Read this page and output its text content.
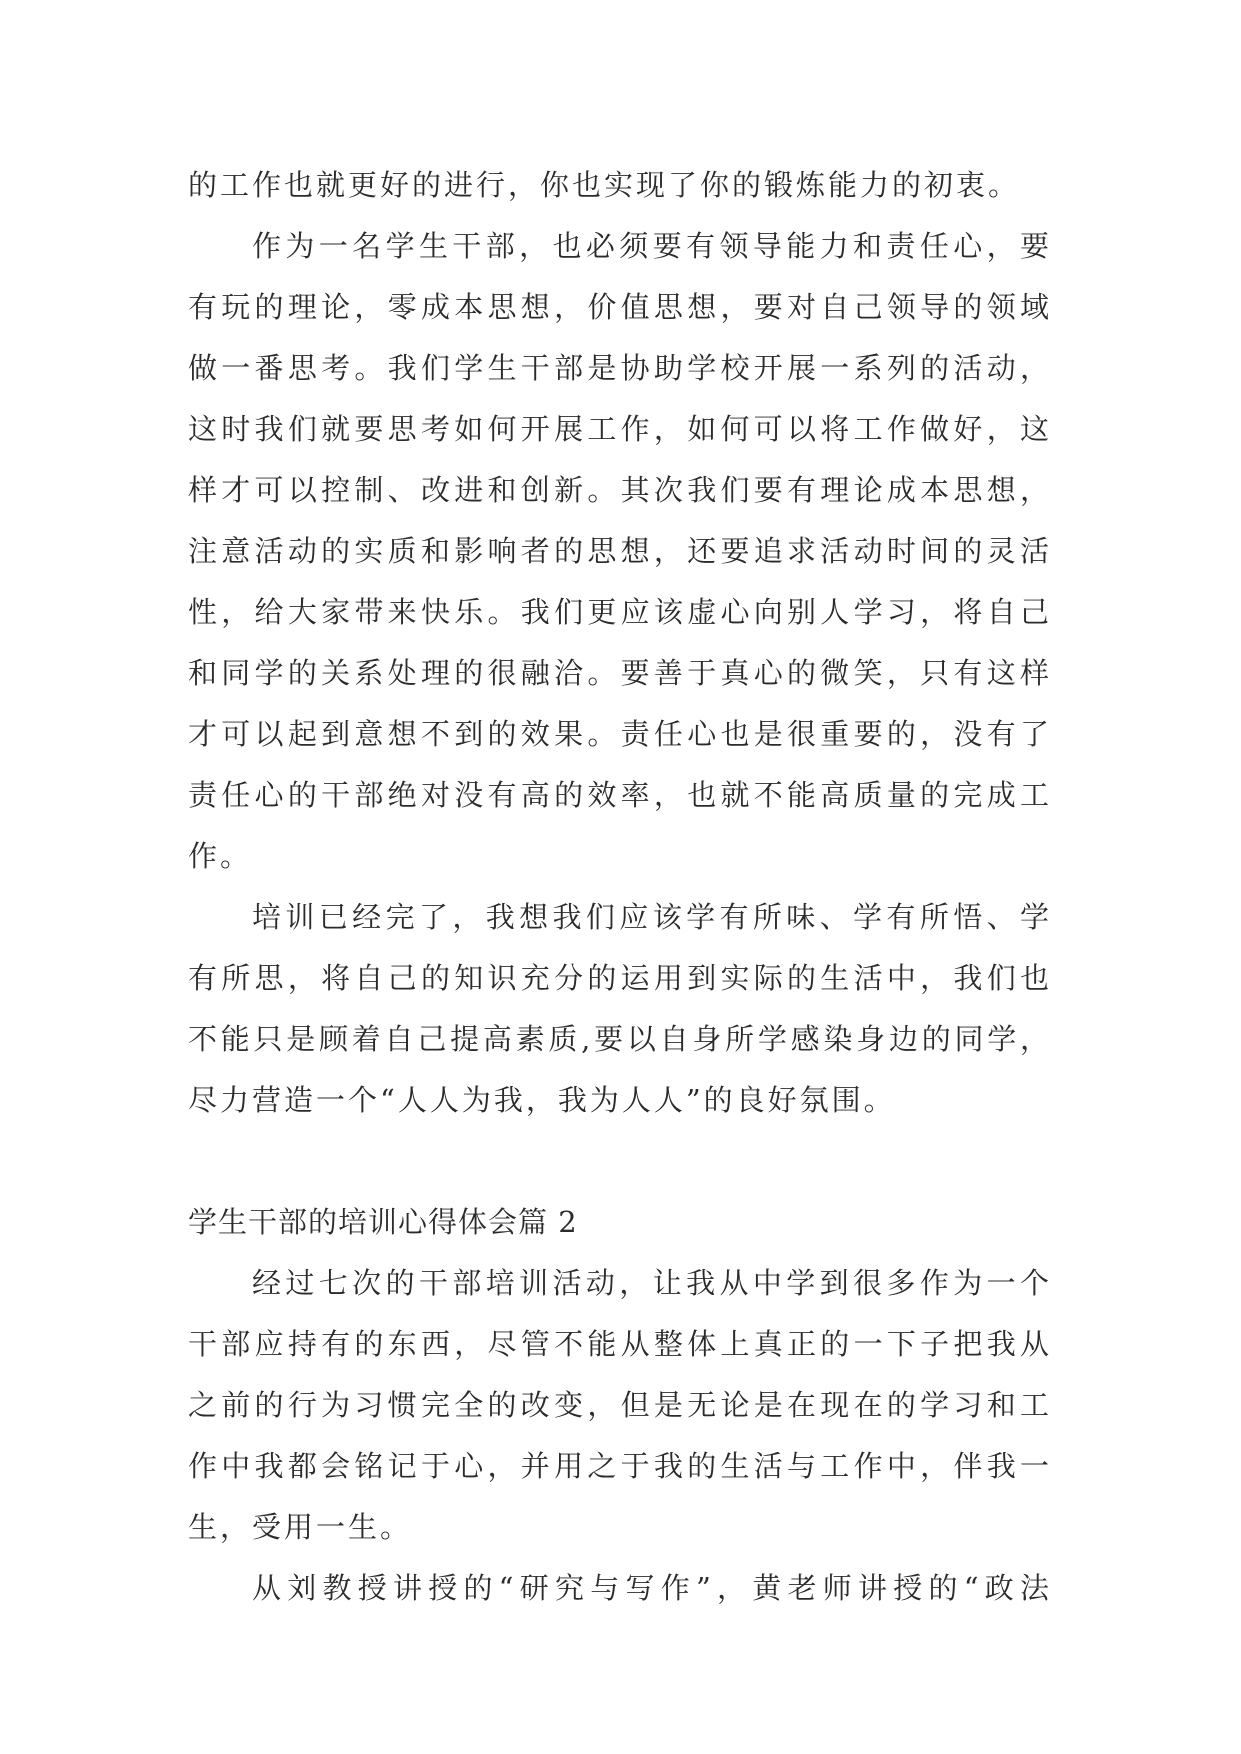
的工作也就更好的进行，你也实现了你的锻炼能力的初衷。
作为一名学生干部，也必须要有领导能力和责任心，要
有玩的理论，零成本思想，价值思想，要对自己领导的领域
做一番思考。我们学生干部是协助学校开展一系列的活动，
这时我们就要思考如何开展工作，如何可以将工作做好，这
样才可以控制、改进和创新。其次我们要有理论成本思想，
注意活动的实质和影响者的思想，还要追求活动时间的灵活
性，给大家带来快乐。我们更应该虚心向别人学习，将自己
和同学的关系处理的很融洽。要善于真心的微笑，只有这样
才可以起到意想不到的效果。责任心也是很重要的，没有了
责任心的干部绝对没有高的效率，也就不能高质量的完成工
作。
培训已经完了，我想我们应该学有所味、学有所悟、学
有所思，将自己的知识充分的运用到实际的生活中，我们也
不能只是顾着自己提高素质,要以自身所学感染身边的同学，
尽力营造一个“人人为我，我为人人”的良好氛围。
学生干部的培训心得体会篇 2
经过七次的干部培训活动，让我从中学到很多作为一个
干部应持有的东西，尽管不能从整体上真正的一下子把我从
之前的行为习惯完全的改变，但是无论是在现在的学习和工
作中我都会铭记于心，并用之于我的生活与工作中，伴我一
生，受用一生。
从刘教授讲授的“研究与写作”，黄老师讲授的“政法
